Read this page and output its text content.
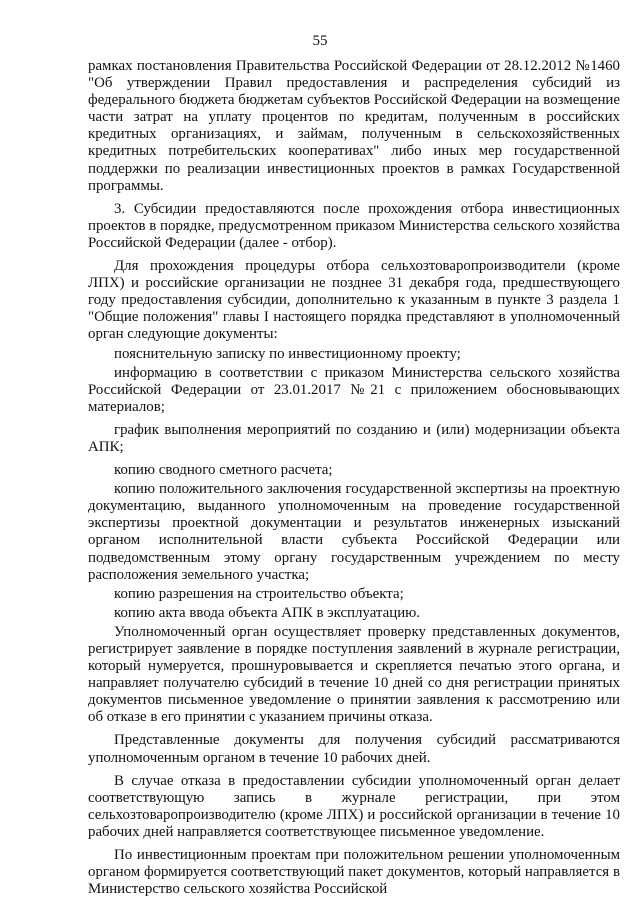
55

рамках постановления Правительства Российской Федерации от 28.12.2012 №1460 "Об утверждении Правил предоставления и распределения субсидий из федерального бюджета бюджетам субъектов Российской Федерации на возмещение части затрат на уплату процентов по кредитам, полученным в российских кредитных организациях, и займам, полученным в сельскохозяйственных кредитных потребительских кооперативах" либо иных мер государственной поддержки по реализации инвестиционных проектов в рамках Государственной программы.

3. Субсидии предоставляются после прохождения отбора инвестиционных проектов в порядке, предусмотренном приказом Министерства сельского хозяйства Российской Федерации (далее - отбор).

Для прохождения процедуры отбора сельхозтоваропроизводители (кроме ЛПХ) и российские организации не позднее 31 декабря года, предшествующего году предоставления субсидии, дополнительно к указанным в пункте 3 раздела 1 "Общие положения" главы I настоящего порядка представляют в уполномоченный орган следующие документы:

пояснительную записку по инвестиционному проекту;

информацию в соответствии с приказом Министерства сельского хозяйства Российской Федерации от 23.01.2017 №21 с приложением обосновывающих материалов;

график выполнения мероприятий по созданию и (или) модернизации объекта АПК;

копию сводного сметного расчета;

копию положительного заключения государственной экспертизы на проектную документацию, выданного уполномоченным на проведение государственной экспертизы проектной документации и результатов инженерных изысканий органом исполнительной власти субъекта Российской Федерации или подведомственным этому органу государственным учреждением по месту расположения земельного участка;

копию разрешения на строительство объекта;

копию акта ввода объекта АПК в эксплуатацию.

Уполномоченный орган осуществляет проверку представленных документов, регистрирует заявление в порядке поступления заявлений в журнале регистрации, который нумеруется, прошнуровывается и скрепляется печатью этого органа, и направляет получателю субсидий в течение 10 дней со дня регистрации принятых документов письменное уведомление о принятии заявления к рассмотрению или об отказе в его принятии с указанием причины отказа.

Представленные документы для получения субсидий рассматриваются уполномоченным органом в течение 10 рабочих дней.

В случае отказа в предоставлении субсидии уполномоченный орган делает соответствующую запись в журнале регистрации, при этом сельхозтоваропроизводителю (кроме ЛПХ) и российской организации в течение 10 рабочих дней направляется соответствующее письменное уведомление.

По инвестиционным проектам при положительном решении уполномоченным органом формируется соответствующий пакет документов, который направляется в Министерство сельского хозяйства Российской
